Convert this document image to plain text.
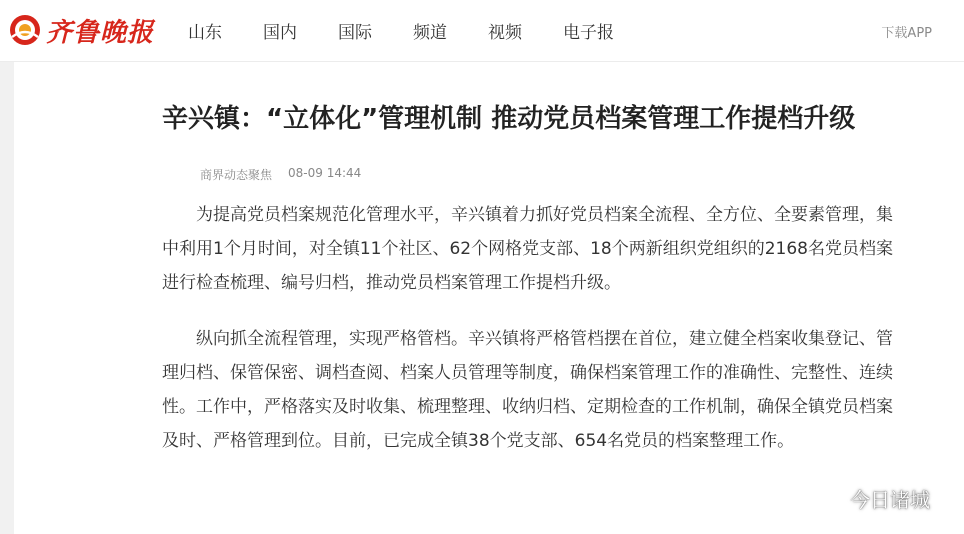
齐鲁晚报 山东 国内 国际 频道 视频 电子报	下载APP
辛兴镇：“立体化”管理机制 推动党员档案管理工作提档升级
商界动态聚焦 08-09 14:44

为提高党员档案规范化管理水平，辛兴镇着力抓好党员档案全流程、全方位、全要素管理，集中利用1个月时间，对全镇11个社区、62个网格党支部、18个两新组织党组织的2168名党员档案进行检查梳理、编号归档，推动党员档案管理工作提档升级。

纵向抓全流程管理，实现严格管档。辛兴镇将严格管档摆在首位，建立健全档案收集登记、管理归档、保管保密、调档查阅、档案人员管理等制度，确保档案管理工作的准确性、完整性、连续性。工作中，严格落实及时收集、梳理整理、收纳归档、定期检查的工作机制，确保全镇党员档案及时、严格管理到位。目前，已完成全镇38个党支部、654名党员的档案整理工作。

今日诸城
